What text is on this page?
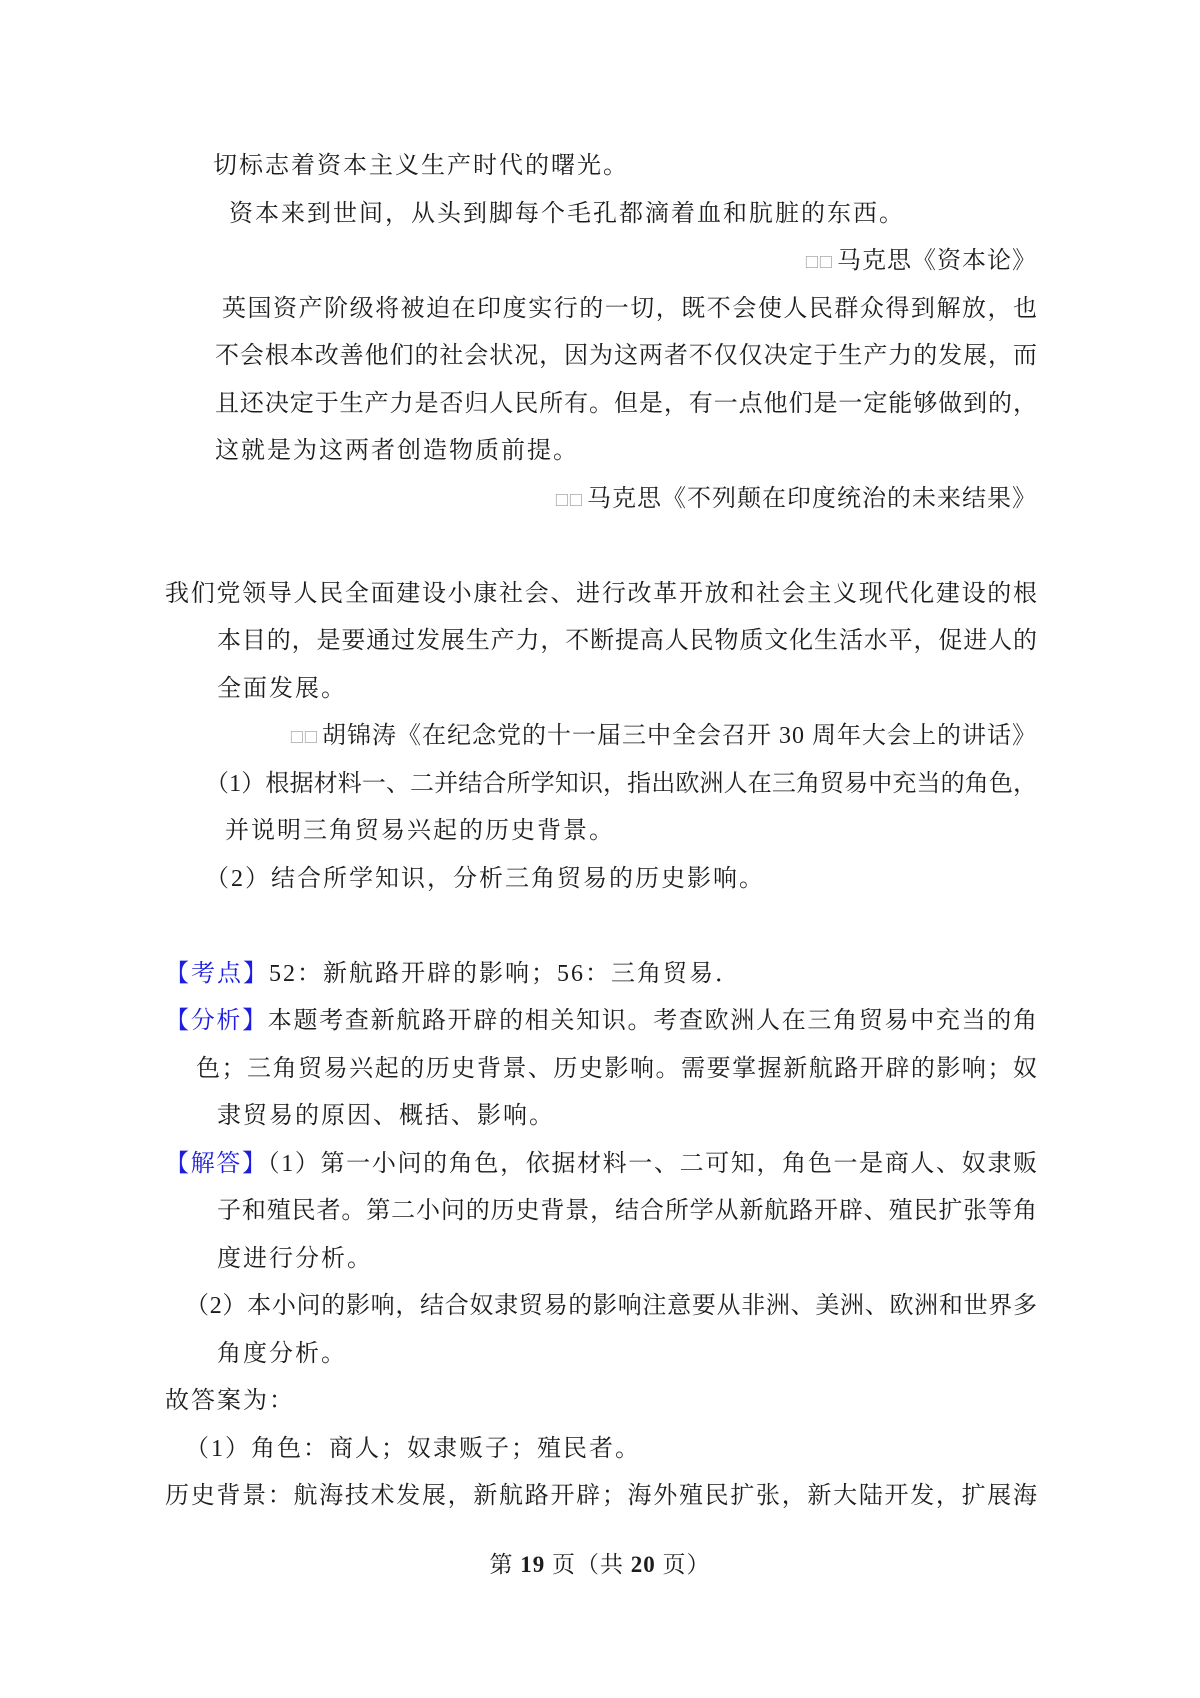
切标志着资本主义生产时代的曙光。
资本来到世间，从头到脚每个毛孔都滴着血和肮脏的东西。
□□ 马克思《资本论》
英国资产阶级将被迫在印度实行的一切，既不会使人民群众得到解放，也
不会根本改善他们的社会状况，因为这两者不仅仅决定于生产力的发展，而
且还决定于生产力是否归人民所有。但是，有一点他们是一定能够做到的，
这就是为这两者创造物质前提。
□□ 马克思《不列颠在印度统治的未来结果》
我们党领导人民全面建设小康社会、进行改革开放和社会主义现代化建设的根
本目的，是要通过发展生产力，不断提高人民物质文化生活水平，促进人的
全面发展。
□□ 胡锦涛《在纪念党的十一届三中全会召开 30 周年大会上的讲话》
（1）根据材料一、二并结合所学知识，指出欧洲人在三角贸易中充当的角色，
并说明三角贸易兴起的历史背景。
（2）结合所学知识，分析三角贸易的历史影响。
【考点】52：新航路开辟的影响；56：三角贸易．
【分析】本题考查新航路开辟的相关知识。考查欧洲人在三角贸易中充当的角
色；三角贸易兴起的历史背景、历史影响。需要掌握新航路开辟的影响；奴
隶贸易的原因、概括、影响。
【解答】（1）第一小问的角色，依据材料一、二可知，角色一是商人、奴隶贩
子和殖民者。第二小问的历史背景，结合所学从新航路开辟、殖民扩张等角
度进行分析。
（2）本小问的影响，结合奴隶贸易的影响注意要从非洲、美洲、欧洲和世界多
角度分析。
故答案为：
（1）角色：商人；奴隶贩子；殖民者。
历史背景：航海技术发展，新航路开辟；海外殖民扩张，新大陆开发，扩展海
第 19 页（共 20 页）
